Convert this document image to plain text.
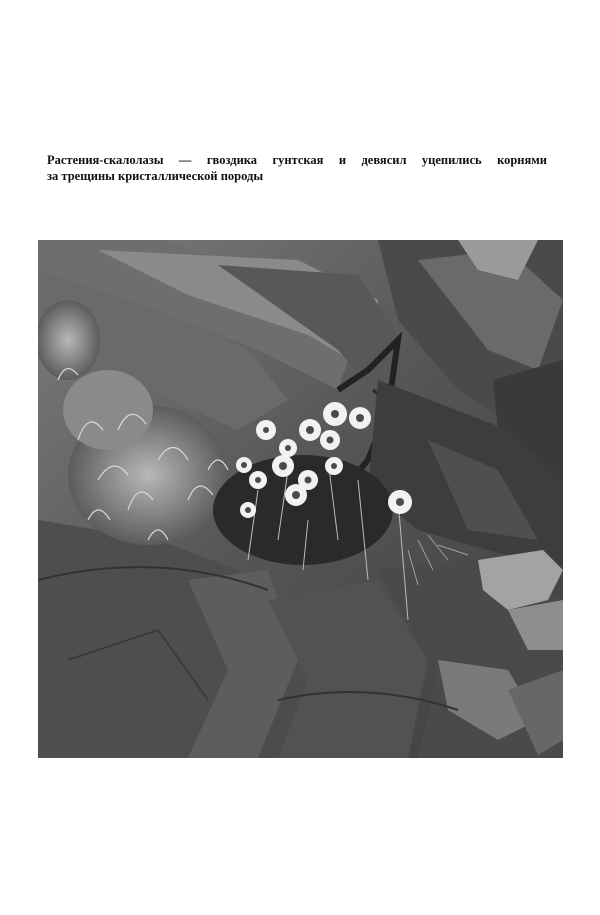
Растения-скалолазы — гвоздика гунтская и девясил уцепились корнями
за трещины кристаллической породы
